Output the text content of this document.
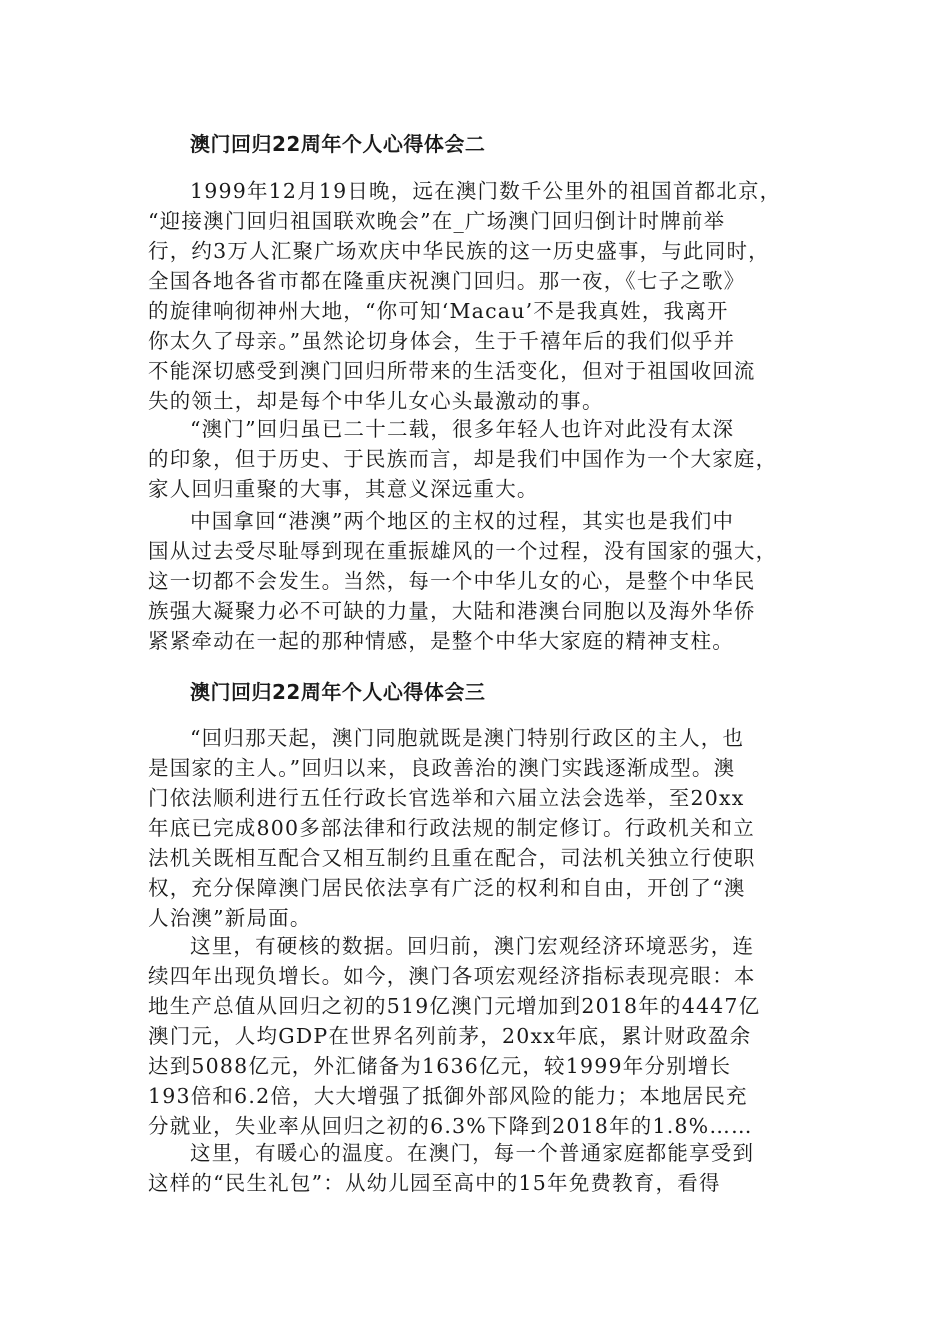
澳门回归22周年个人心得体会二
1999年12月19日晚，远在澳门数千公里外的祖国首都北京，
“迎接澳门回归祖国联欢晚会”在_广场澳门回归倒计时牌前举
行，约3万人汇聚广场欢庆中华民族的这一历史盛事，与此同时，
全国各地各省市都在隆重庆祝澳门回归。那一夜，《七子之歌》
的旋律响彻神州大地，“你可知‘Macau’不是我真姓，我离开
你太久了母亲。”虽然论切身体会，生于千禧年后的我们似乎并
不能深切感受到澳门回归所带来的生活变化，但对于祖国收回流
失的领土，却是每个中华儿女心头最激动的事。
“澳门”回归虽已二十二载，很多年轻人也许对此没有太深
的印象，但于历史、于民族而言，却是我们中国作为一个大家庭，
家人回归重聚的大事，其意义深远重大。
中国拿回“港澳”两个地区的主权的过程，其实也是我们中
国从过去受尽耻辱到现在重振雄风的一个过程，没有国家的强大，
这一切都不会发生。当然，每一个中华儿女的心，是整个中华民
族强大凝聚力必不可缺的力量，大陆和港澳台同胞以及海外华侨
紧紧牵动在一起的那种情感，是整个中华大家庭的精神支柱。
澳门回归22周年个人心得体会三
“回归那天起，澳门同胞就既是澳门特别行政区的主人，也
是国家的主人。”回归以来，良政善治的澳门实践逐渐成型。澳
门依法顺利进行五任行政长官选举和六届立法会选举，至20xx
年底已完成800多部法律和行政法规的制定修订。行政机关和立
法机关既相互配合又相互制约且重在配合，司法机关独立行使职
权，充分保障澳门居民依法享有广泛的权利和自由，开创了“澳
人治澳”新局面。
这里，有硬核的数据。回归前，澳门宏观经济环境恶劣，连
续四年出现负增长。如今，澳门各项宏观经济指标表现亮眼：本
地生产总值从回归之初的519亿澳门元增加到2018年的4447亿
澳门元，人均GDP在世界名列前茅，20xx年底，累计财政盈余
达到5088亿元，外汇储备为1636亿元，较1999年分别增长
193倍和6.2倍，大大增强了抵御外部风险的能力；本地居民充
分就业，失业率从回归之初的6.3%下降到2018年的1.8%……
这里，有暖心的温度。在澳门，每一个普通家庭都能享受到
这样的“民生礼包”：从幼儿园至高中的15年免费教育，看得
